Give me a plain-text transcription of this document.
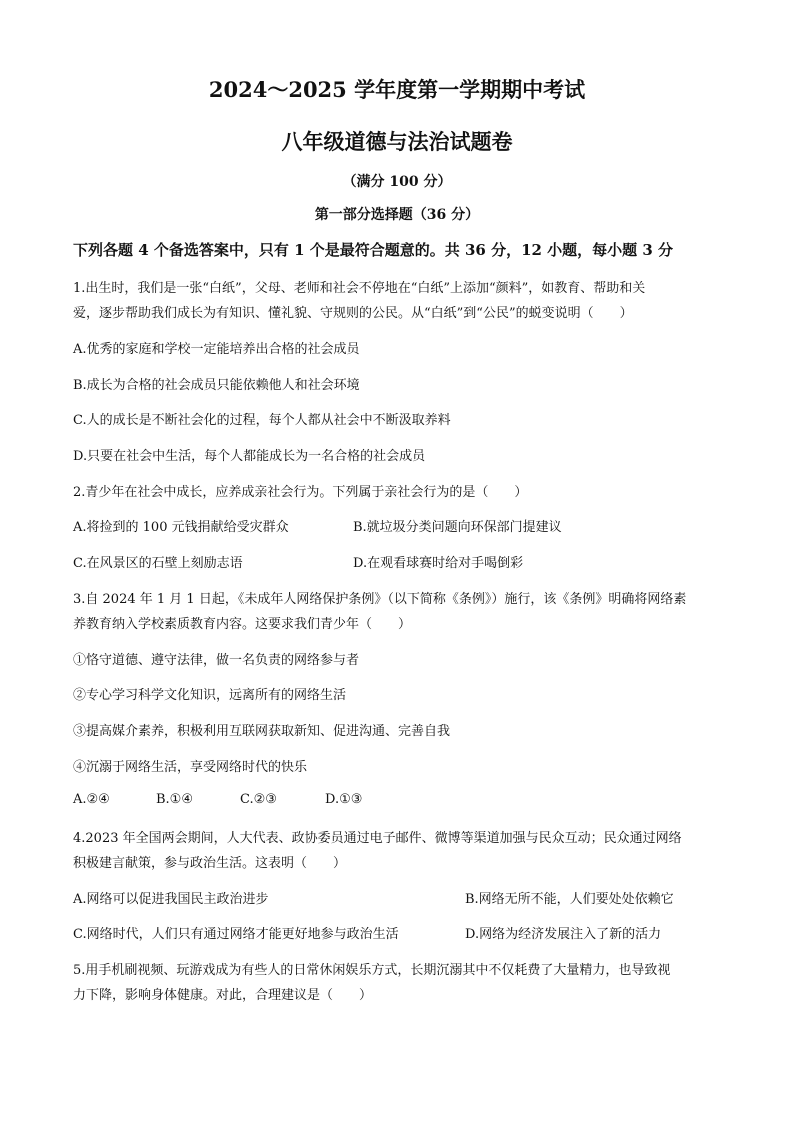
2024～2025 学年度第一学期期中考试
八年级道德与法治试题卷
（满分 100 分）
第一部分选择题（36 分）
下列各题 4 个备选答案中，只有 1 个是最符合题意的。共 36 分，12 小题，每小题 3 分
1.出生时，我们是一张“白纸”，父母、老师和社会不停地在“白纸”上添加“颜料”，如教育、帮助和关
爱，逐步帮助我们成长为有知识、懂礼貌、守规则的公民。从“白纸”到“公民”的蜕变说明（　　）
A.优秀的家庭和学校一定能培养出合格的社会成员
B.成长为合格的社会成员只能依赖他人和社会环境
C.人的成长是不断社会化的过程，每个人都从社会中不断汲取养料
D.只要在社会中生活，每个人都能成长为一名合格的社会成员
2.青少年在社会中成长，应养成亲社会行为。下列属于亲社会行为的是（　　）
A.将捡到的 100 元钱捐献给受灾群众	B.就垃圾分类问题向环保部门提建议
C.在风景区的石壁上刻励志语	D.在观看球赛时给对手喝倒彩
3.自 2024 年 1 月 1 日起，《未成年人网络保护条例》（以下简称《条例》）施行，该《条例》明确将网络素
养教育纳入学校素质教育内容。这要求我们青少年（　　）
①恪守道德、遵守法律，做一名负责的网络参与者
②专心学习科学文化知识，远离所有的网络生活
③提高媒介素养，积极利用互联网获取新知、促进沟通、完善自我
④沉溺于网络生活，享受网络时代的快乐
A.②④	B.①④	C.②③	D.①③
4.2023 年全国两会期间，人大代表、政协委员通过电子邮件、微博等渠道加强与民众互动；民众通过网络
积极建言献策，参与政治生活。这表明（　　）
A.网络可以促进我国民主政治进步	B.网络无所不能，人们要处处依赖它
C.网络时代，人们只有通过网络才能更好地参与政治生活	D.网络为经济发展注入了新的活力
5.用手机刷视频、玩游戏成为有些人的日常休闲娱乐方式，长期沉溺其中不仅耗费了大量精力，也导致视
力下降，影响身体健康。对此，合理建议是（　　）
